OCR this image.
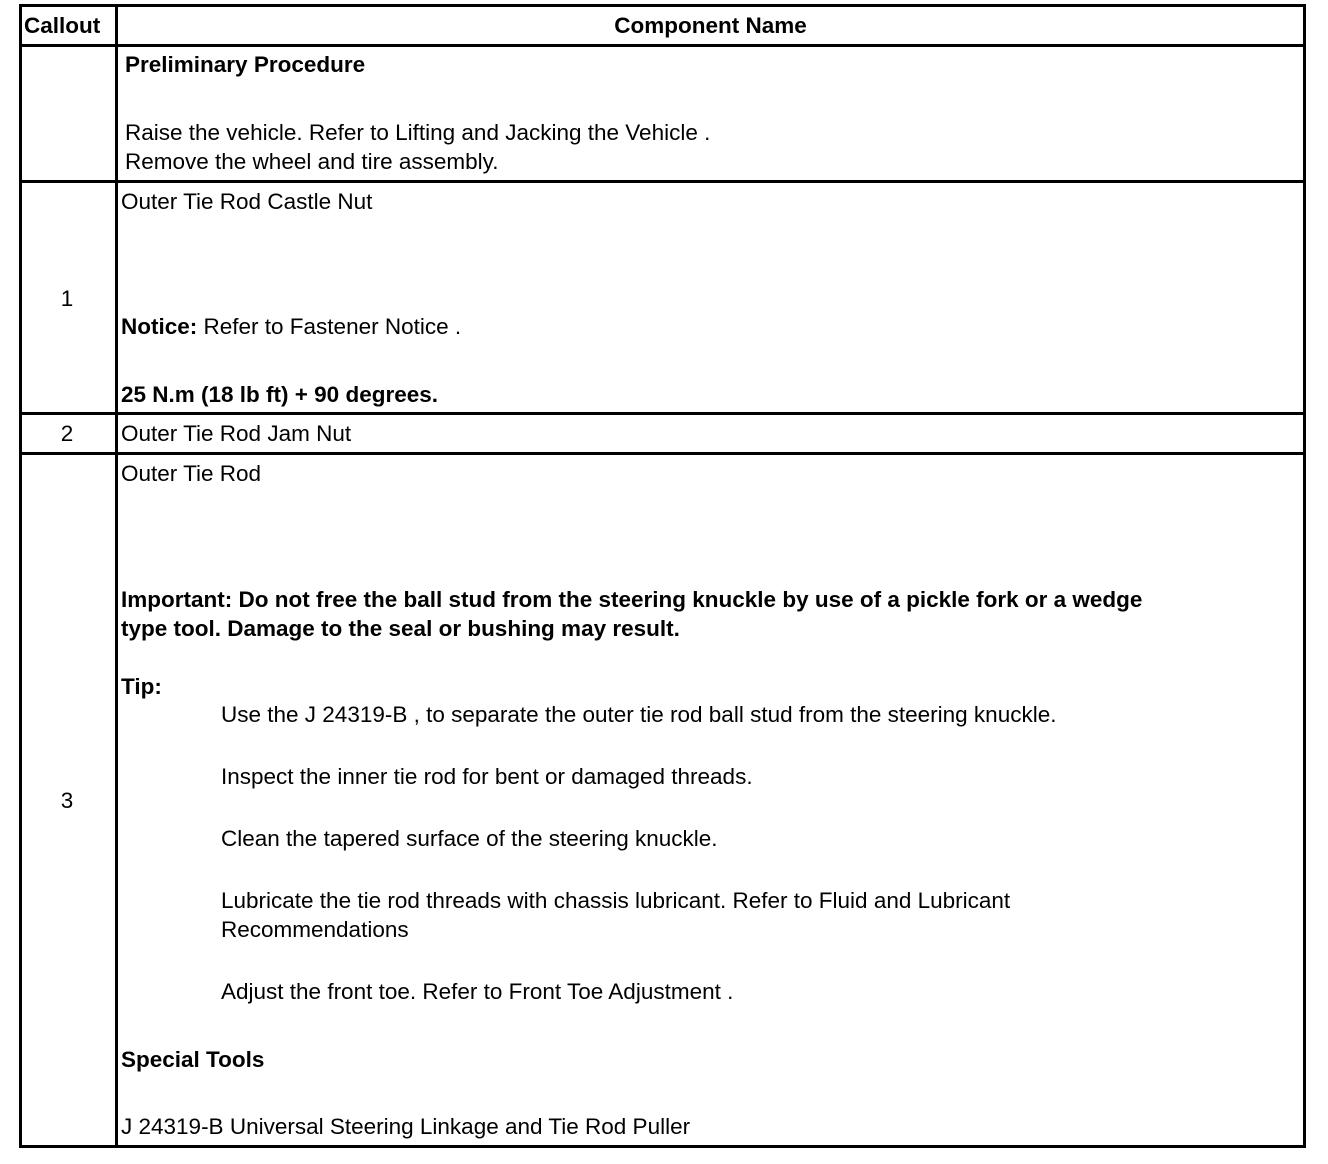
Callout	Component Name
Preliminary Procedure
Raise the vehicle. Refer to Lifting and Jacking the Vehicle .
Remove the wheel and tire assembly.
1
Outer Tie Rod Castle Nut
Notice: Refer to Fastener Notice .
25 N.m (18 lb ft) + 90 degrees.
2	Outer Tie Rod Jam Nut
3
Outer Tie Rod
Important: Do not free the ball stud from the steering knuckle by use of a pickle fork or a wedge
type tool. Damage to the seal or bushing may result.
Tip:
Use the J 24319-B , to separate the outer tie rod ball stud from the steering knuckle.
Inspect the inner tie rod for bent or damaged threads.
Clean the tapered surface of the steering knuckle.
Lubricate the tie rod threads with chassis lubricant. Refer to Fluid and Lubricant
Recommendations
Adjust the front toe. Refer to Front Toe Adjustment .
Special Tools
J 24319-B Universal Steering Linkage and Tie Rod Puller
